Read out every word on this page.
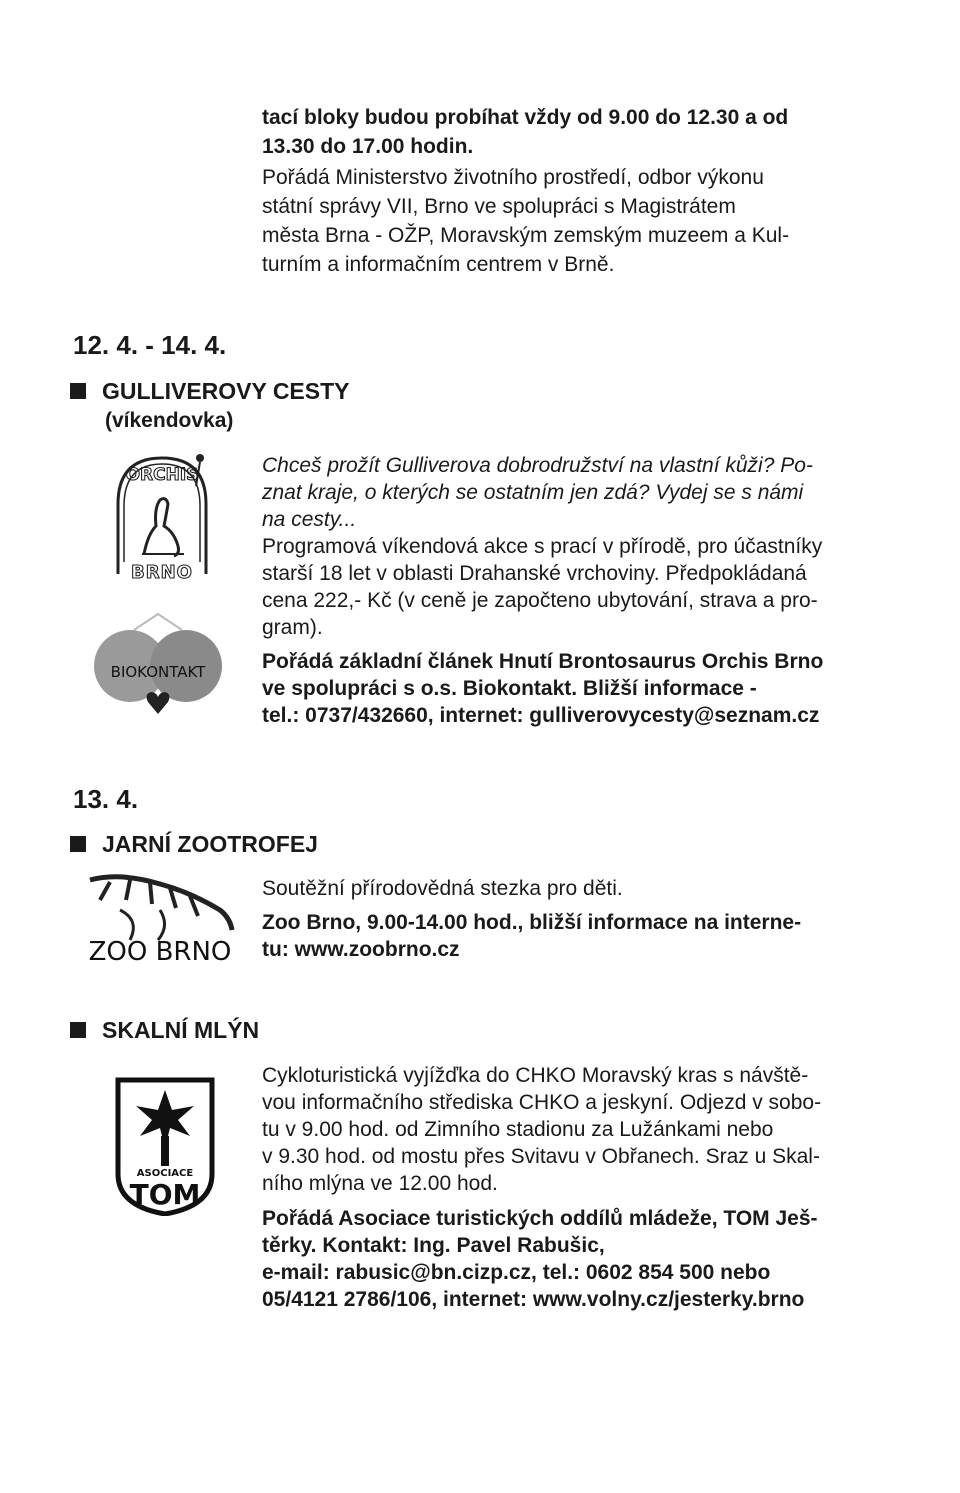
tací bloky budou probíhat vždy od 9.00 do 12.30 a od

13.30 do 17.00 hodin.

Pořádá Ministerstvo životního prostředí, odbor výkonu

státní správy VII, Brno ve spolupráci s Magistrátem

města Brna - OŽP, Moravským zemským muzeem a Kul-

turním a informačním centrem v Brně.

12. 4. - 14. 4.
GULLIVEROVY CESTY
(víkendovka)
ORCHIS
BRNO
BIOKONTAKT

Chceš prožít Gulliverova dobrodružství na vlastní kůži? Po-

znat kraje, o kterých se ostatním jen zdá? Vydej se s námi

na cesty...

Programová víkendová akce s prací v přírodě, pro účastníky

starší 18 let v oblasti Drahanské vrchoviny. Předpokládaná

cena 222,- Kč (v ceně je započteno ubytování, strava a pro-

gram).

Pořádá základní článek Hnutí Brontosaurus Orchis Brno

ve spolupráci s o.s. Biokontakt. Bližší informace -

tel.: 0737/432660, internet: gulliverovycesty@seznam.cz

13. 4.
JARNÍ ZOOTROFEJ
ZOO BRNO

Soutěžní přírodovědná stezka pro děti.

Zoo Brno, 9.00-14.00 hod., bližší informace na interne-

tu: www.zoobrno.cz

SKALNÍ MLÝN
ASOCIACE
TOM

Cykloturistická vyjížďka do CHKO Moravský kras s návště-

vou informačního střediska CHKO a jeskyní. Odjezd v sobo-

tu v 9.00 hod. od Zimního stadionu za Lužánkami nebo

v 9.30 hod. od mostu přes Svitavu v Obřanech. Sraz u Skal-

ního mlýna ve 12.00 hod.

Pořádá Asociace turistických oddílů mládeže, TOM Ješ-

těrky. Kontakt: Ing. Pavel Rabušic,

e-mail: rabusic@bn.cizp.cz, tel.: 0602 854 500 nebo

05/4121 2786/106, internet: www.volny.cz/jesterky.brno
